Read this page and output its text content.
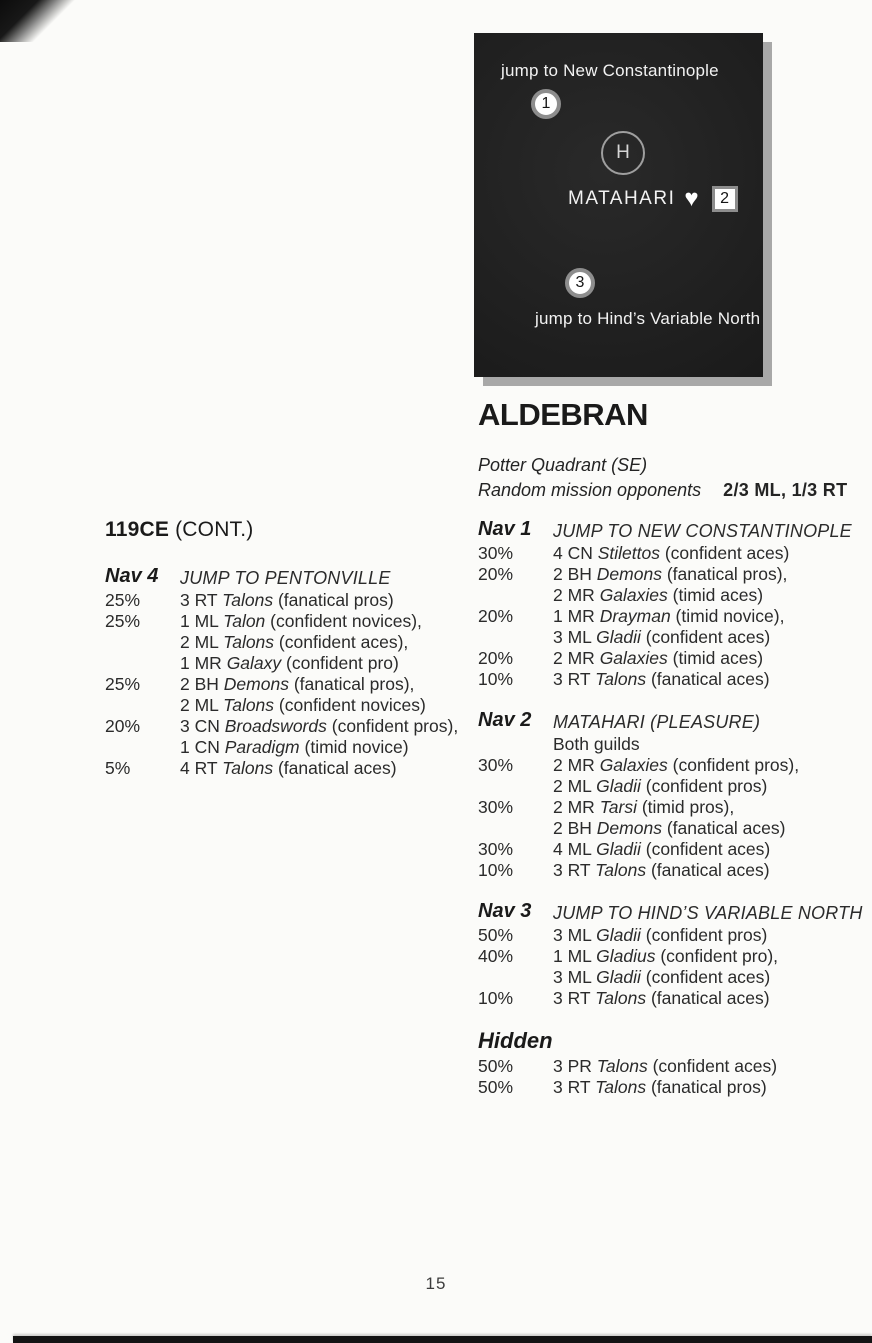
jump to New Constantinople
1
H
MATAHARI ♥ 2
3
jump to Hind’s Variable North
ALDEBRAN
Potter Quadrant (SE)
Random mission opponents 2/3 ML, 1/3 RT
119CE (CONT.)
Nav 4	JUMP TO PENTONVILLE
25%	3 RT Talons (fanatical pros)
25%	1 ML Talon (confident novices),
2 ML Talons (confident aces),
1 MR Galaxy (confident pro)
25%	2 BH Demons (fanatical pros),
2 ML Talons (confident novices)
20%	3 CN Broadswords (confident pros),
1 CN Paradigm (timid novice)
5%	4 RT Talons (fanatical aces)
Nav 1	JUMP TO NEW CONSTANTINOPLE
30%	4 CN Stilettos (confident aces)
20%	2 BH Demons (fanatical pros),
2 MR Galaxies (timid aces)
20%	1 MR Drayman (timid novice),
3 ML Gladii (confident aces)
20%	2 MR Galaxies (timid aces)
10%	3 RT Talons (fanatical aces)
Nav 2	MATAHARI (PLEASURE)
Both guilds
30%	2 MR Galaxies (confident pros),
2 ML Gladii (confident pros)
30%	2 MR Tarsi (timid pros),
2 BH Demons (fanatical aces)
30%	4 ML Gladii (confident aces)
10%	3 RT Talons (fanatical aces)
Nav 3	JUMP TO HIND’S VARIABLE NORTH
50%	3 ML Gladii (confident pros)
40%	1 ML Gladius (confident pro),
3 ML Gladii (confident aces)
10%	3 RT Talons (fanatical aces)
Hidden
50%	3 PR Talons (confident aces)
50%	3 RT Talons (fanatical pros)
15
